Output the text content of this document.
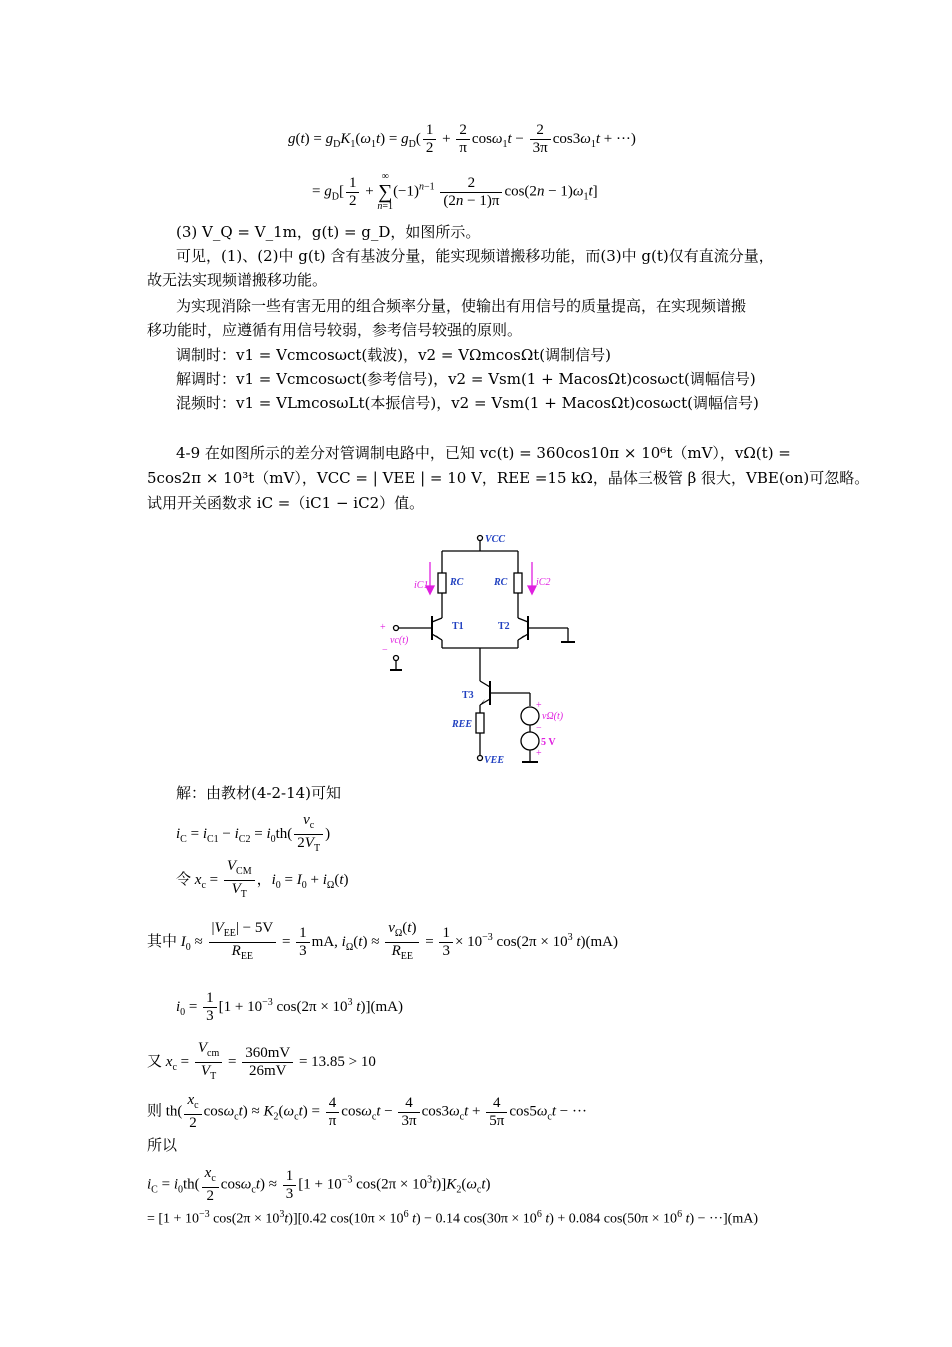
$g(t) = g_DK_1(\omega_1t) = g_D( \frac{1}{2} + \frac{2}{\pi} \cos\omega_1t - \frac{2}{3\pi} \cos 3\omega_1t$ + ···)
= $g_D[ \frac{1}{2}$ + ∞
∑
$n=1(-1)^{n-1} \frac{2}{(2n - 1)\pi} \cos(2n - 1)\omega_1t$]
(3) V_Q = V_1m，g(t) = g_D，如图所示。
可见，(1)、(2)中 g(t) 含有基波分量，能实现频谱搬移功能，而(3)中 g(t)仅有直流分量，
故无法实现频谱搬移功能。
为实现消除一些有害无用的组合频率分量，使输出有用信号的质量提高，在实现频谱搬
移功能时，应遵循有用信号较弱，参考信号较强的原则。
调制时：v1 = Vcmcosωct(载波)，v2 = VΩmcosΩt(调制信号)
解调时：v1 = Vcmcosωct(参考信号)，v2 = Vsm(1 + MacosΩt)cosωct(调幅信号)
混频时：v1 = VLmcosωLt(本振信号)，v2 = Vsm(1 + MacosΩt)cosωct(调幅信号)
4-9 在如图所示的差分对管调制电路中，已知 vc(t) = 360cos10π × 10⁶t（mV），vΩ(t) =
5cos2π × 10³t（mV），VCC = | VEE | = 10 V，REE =15 kΩ，晶体三极管 β 很大，VBE(on)可忽略。
试用开关函数求 iC =（iC1 − iC2）值。
VCC
RC	RC
iC1	iC2
T1	T2
T3
REE
VEE
+
−
vc(t)
+
vΩ(t)
−
5 V
+
解：由教材(4-2-14)可知
$i_C = i_{C1} - i_{C2} = i_0th( \frac{v_c}{2V_T}$ )
令 $x_c = \frac{V_{CM}}{V_T}$ ，$i_0 = I_0 + i_\Omega(t)$
其中 $I_0 \approx \frac{|V_{EE}| - 5V}{R_{EE}} = \frac{1}{3}$ mA, $i_\Omega(t) \approx \frac{v_\Omega(t)}{R_{EE}} = \frac{1}{3} \times 10^{-3}$ $\cos(2\pi \times 10^3$ t)(mA)
$i_0 = \frac{1}{3} [1 + 10^{-3}$ $\cos(2\pi \times 10^3$ t)](mA)
又 $x_c = \frac{V_{cm}}{V_T} = \frac{360mV}{26mV} = 13.85 > 10$
则 $th( \frac{x_c}{2} \cos\omega_ct) \approx K_2(\omega_ct) = \frac{4}{\pi} \cos\omega_ct - \frac{4}{3\pi} \cos 3\omega_ct + \frac{4}{5\pi} \cos 5\omega_ct$ − ···
所以
$i_C = i_0th( \frac{x_c}{2} \cos\omega_ct) \approx \frac{1}{3} [1 + 10^{-3}$ $\cos(2\pi \times 10^3t)]K_2(\omega_ct)$
= [$1 + 10^{-3}$ $\cos(2\pi \times 10^3t)][0.42$ $\cos(10\pi \times 10^6$ t) − 0.14 $\cos(30\pi \times 10^6$ t) + 0.084 $\cos(50\pi \times 10^6$ t) − ···](mA)
